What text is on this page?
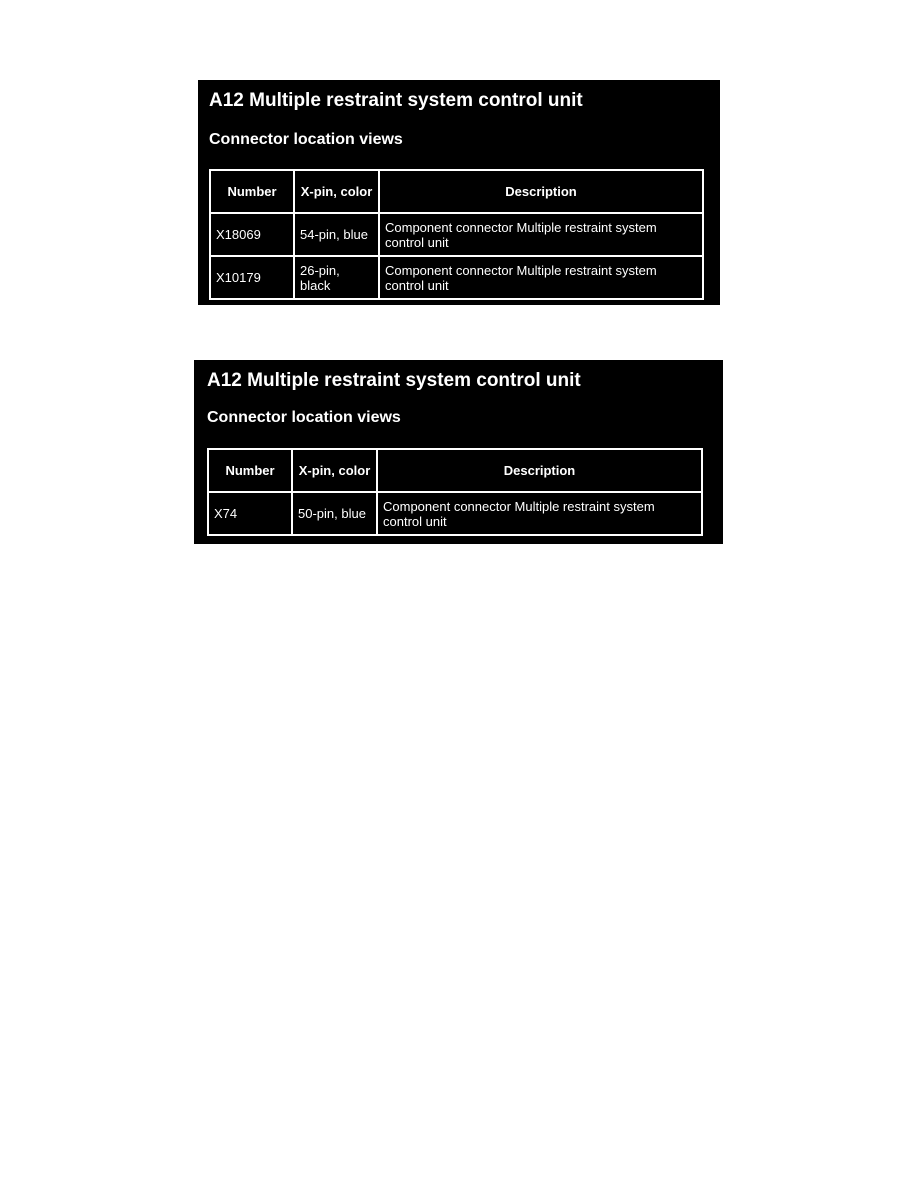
A12 Multiple restraint system control unit
Connector location views
Number	X-pin, color	Description
X18069	54-pin, blue	Component connector Multiple restraint system control unit
X10179	26-pin, black	Component connector Multiple restraint system control unit
A12 Multiple restraint system control unit
Connector location views
Number	X-pin, color	Description
X74	50-pin, blue	Component connector Multiple restraint system control unit
